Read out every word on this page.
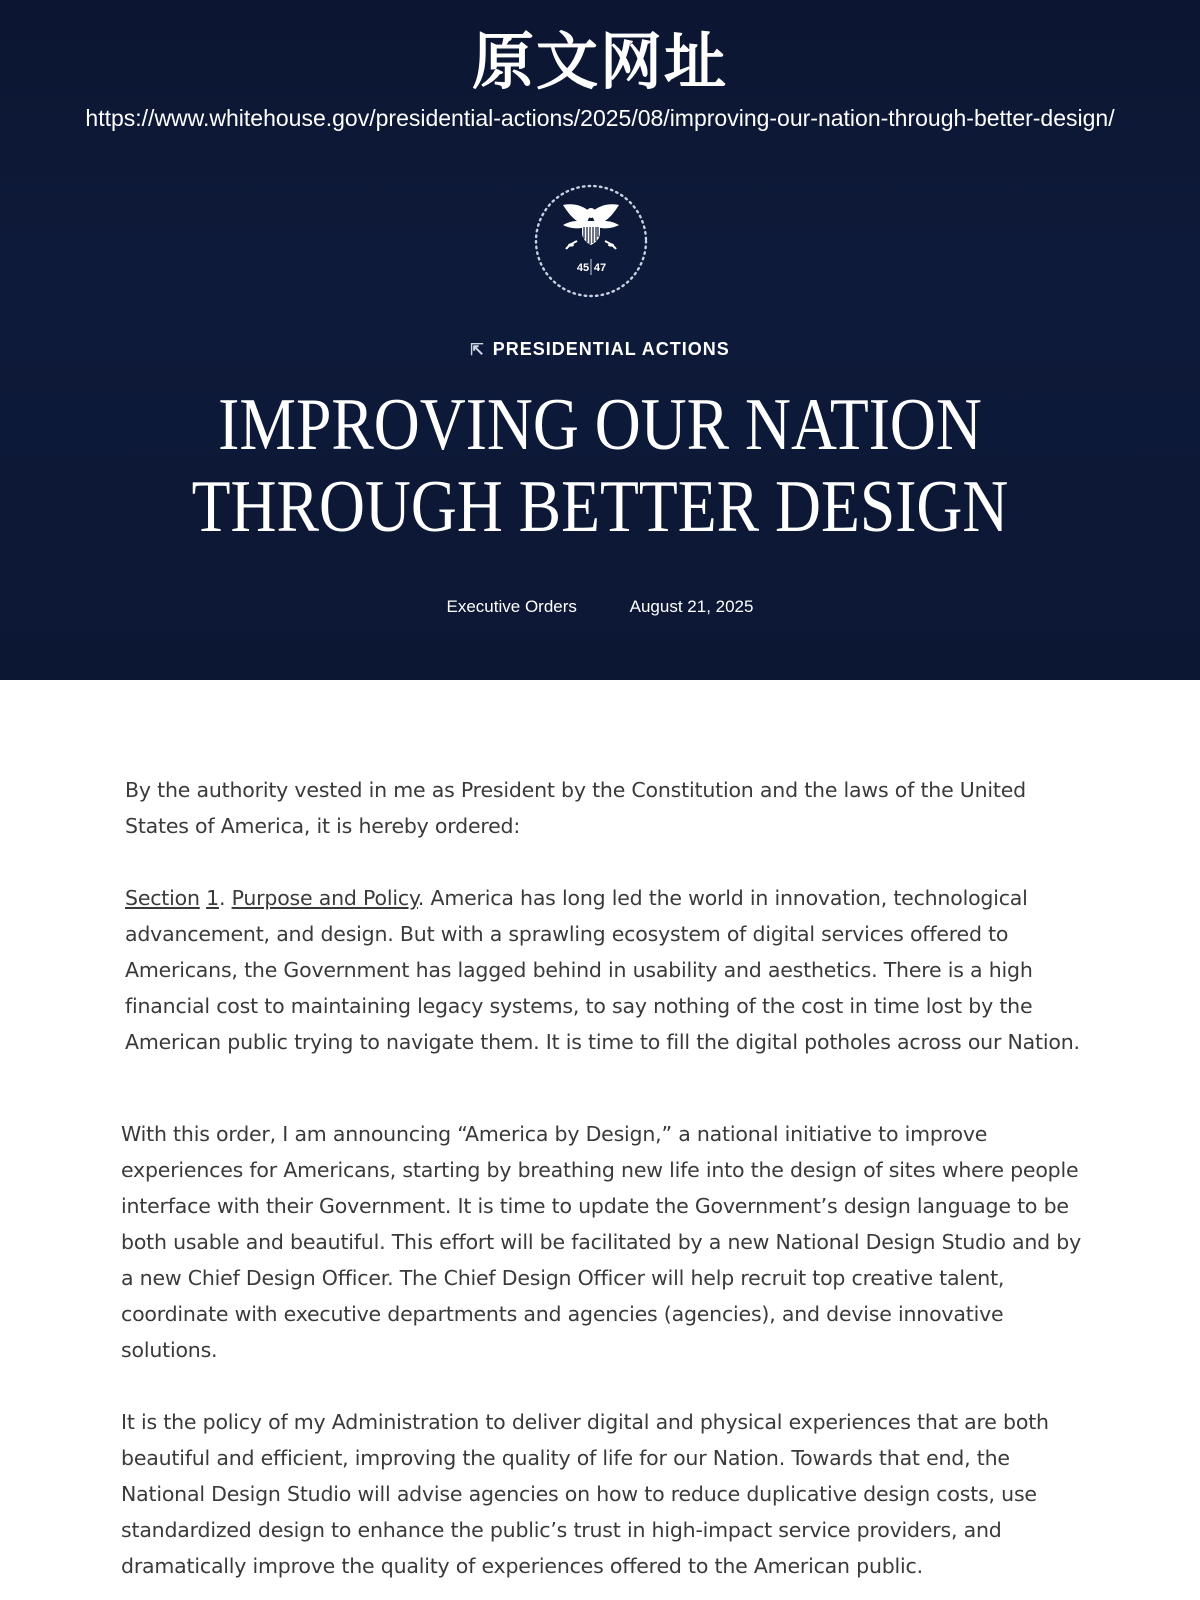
原文网址
https://www.whitehouse.gov/presidential-actions/2025/08/improving-our-nation-through-better-design/
45 47
⇱ PRESIDENTIAL ACTIONS
IMPROVING OUR NATION
THROUGH BETTER DESIGN
Executive Orders	August 21, 2025
By the authority vested in me as President by the Constitution and the laws of the United States of America, it is hereby ordered:
Section 1. Purpose and Policy. America has long led the world in innovation, technological advancement, and design. But with a sprawling ecosystem of digital services offered to Americans, the Government has lagged behind in usability and aesthetics. There is a high financial cost to maintaining legacy systems, to say nothing of the cost in time lost by the American public trying to navigate them. It is time to fill the digital potholes across our Nation.
With this order, I am announcing “America by Design,” a national initiative to improve experiences for Americans, starting by breathing new life into the design of sites where people interface with their Government. It is time to update the Government’s design language to be both usable and beautiful. This effort will be facilitated by a new National Design Studio and by a new Chief Design Officer. The Chief Design Officer will help recruit top creative talent, coordinate with executive departments and agencies (agencies), and devise innovative solutions.
It is the policy of my Administration to deliver digital and physical experiences that are both beautiful and efficient, improving the quality of life for our Nation. Towards that end, the National Design Studio will advise agencies on how to reduce duplicative design costs, use standardized design to enhance the public’s trust in high-impact service providers, and dramatically improve the quality of experiences offered to the American public.
